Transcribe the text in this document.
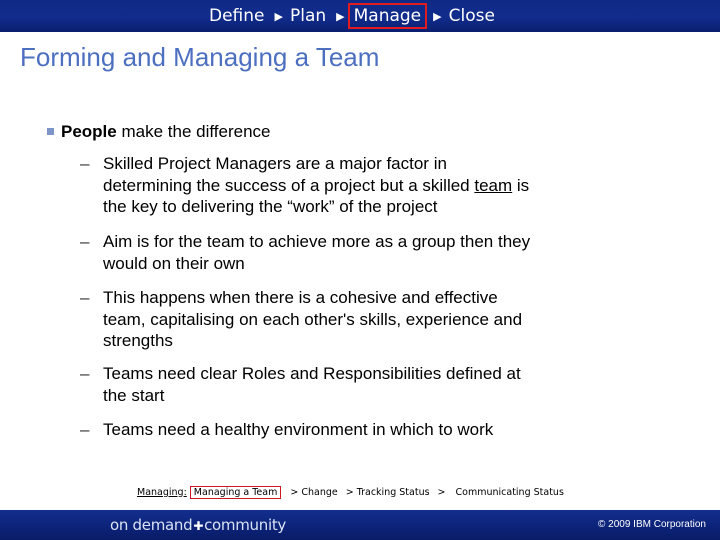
Define ▶ Plan ▶ Manage	▶ Close
Forming and Managing a Team
People make the difference
– Skilled Project Managers are a major factor in
determining the success of a project but a skilled team is
the key to delivering the “work” of the project
– Aim is for the team to achieve more as a group then they
would on their own
– This happens when there is a cohesive and effective
team, capitalising on each other's skills, experience and
strengths
– Teams need clear Roles and Responsibilities defined at
the start
– Teams need a healthy environment in which to work
Managing: Managing a Team	> Change > Tracking Status > Communicating Status
on demand✚community	© 2009 IBM Corporation
